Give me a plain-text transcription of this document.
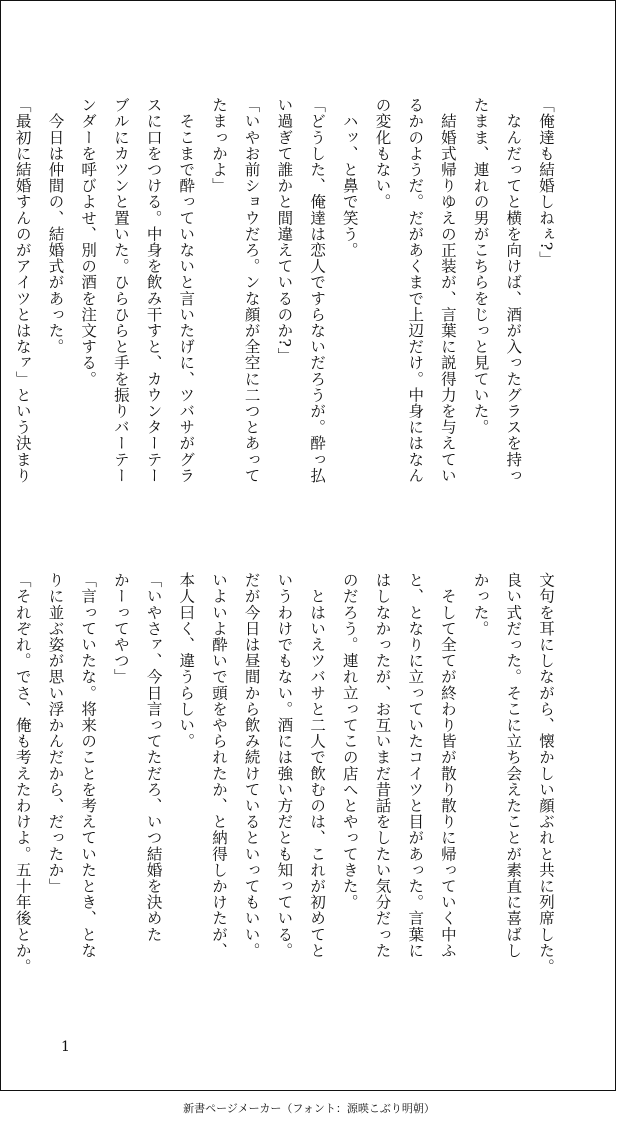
「俺達も結婚しねぇ?」

　なんだってと横を向けば、酒が入ったグラスを持っ

たまま、連れの男がこちらをじっと見ていた。

　結婚式帰りゆえの正装が、言葉に説得力を与えてい

るかのようだ。だがあくまで上辺だけ。中身にはなん

の変化もない。

　ハッ、と鼻で笑う。

「どうした、俺達は恋人ですらないだろうが。酔っ払

い過ぎて誰かと間違えているのか?」

「いやお前ショウだろ。ンな顔が全空に二つとあって

たまっかよ」

　そこまで酔っていないと言いたげに、ツバサがグラ

スに口をつける。中身を飲み干すと、カウンターテー

ブルにカツンと置いた。ひらひらと手を振りバーテー

ンダーを呼びよせ、別の酒を注文する。

　今日は仲間の、結婚式があった。

「最初に結婚すんのがアイツとはなァ」という決まり

文句を耳にしながら、懐かしい顔ぶれと共に列席した。

良い式だった。そこに立ち会えたことが素直に喜ばし

かった。

　そして全てが終わり皆が散り散りに帰っていく中ふ

と、となりに立っていたコイツと目があった。言葉に

はしなかったが、お互いまだ昔話をしたい気分だった

のだろう。連れ立ってこの店へとやってきた。

　とはいえツバサと二人で飲むのは、これが初めてと

いうわけでもない。酒には強い方だとも知っている。

だが今日は昼間から飲み続けているといってもいい。

いよいよ酔いで頭をやられたか、と納得しかけたが、

本人曰く、違うらしい。

「いやさァ、今日言ってただろ、いつ結婚を決めた

かーってやつ」

「言っていたな。将来のことを考えていたとき、とな

りに並ぶ姿が思い浮かんだから、だったか」

「それぞれ。でさ、俺も考えたわけよ。五十年後とか。

1
新書ページメーカー（フォント：源暎こぶり明朝）
